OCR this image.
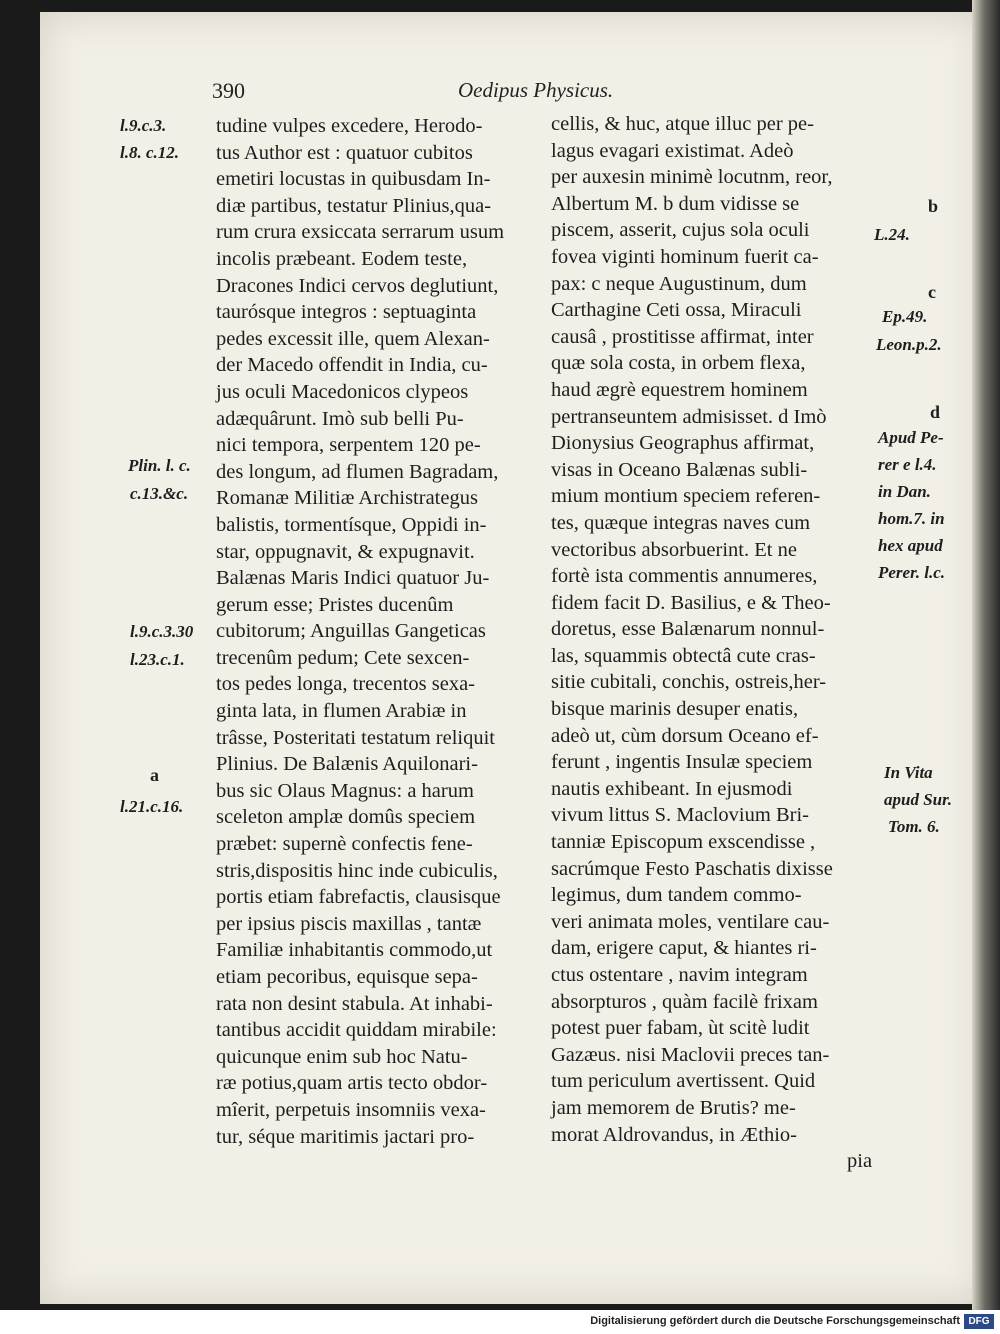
390	Oedipus Physicus.
tudine vulpes excedere, Herodo-
tus Author est : quatuor cubitos
emetiri locustas in quibusdam In-
diæ partibus, testatur Plinius,qua-
rum crura exsiccata serrarum usum
incolis præbeant. Eodem teste,
Dracones Indici cervos deglutiunt,
taurósque integros : septuaginta
pedes excessit ille, quem Alexan-
der Macedo offendit in India, cu-
jus oculi Macedonicos clypeos
adæquârunt. Imò sub belli Pu-
nici tempora, serpentem 120 pe-
des longum, ad flumen Bagradam,
Romanæ Militiæ Archistrategus
balistis, tormentísque, Oppidi in-
star, oppugnavit, & expugnavit.
Balænas Maris Indici quatuor Ju-
gerum esse; Pristes ducenûm
cubitorum; Anguillas Gangeticas
trecenûm pedum; Cete sexcen-
tos pedes longa, trecentos sexa-
ginta lata, in flumen Arabiæ in
trâsse, Posteritati testatum reliquit
Plinius. De Balænis Aquilonari-
bus sic Olaus Magnus: a harum
sceleton amplæ domûs speciem
præbet: supernè confectis fene-
stris,dispositis hinc inde cubiculis,
portis etiam fabrefactis, clausisque
per ipsius piscis maxillas , tantæ
Familiæ inhabitantis commodo,ut
etiam pecoribus, equisque sepa-
rata non desint stabula. At inhabi-
tantibus accidit quiddam mirabile:
quicunque enim sub hoc Natu-
ræ potius,quam artis tecto obdor-
mîerit, perpetuis insomniis vexa-
tur, séque maritimis jactari pro-
cellis, & huc, atque illuc per pe-
lagus evagari existimat. Adeò
per auxesin minimè locutnm, reor,
Albertum M. b dum vidisse se
piscem, asserit, cujus sola oculi
fovea viginti hominum fuerit ca-
pax: c neque Augustinum, dum
Carthagine Ceti ossa, Miraculi
causâ , prostitisse affirmat, inter
quæ sola costa, in orbem flexa,
haud ægrè equestrem hominem
pertranseuntem admisisset. d Imò
Dionysius Geographus affirmat,
visas in Oceano Balænas subli-
mium montium speciem referen-
tes, quæque integras naves cum
vectoribus absorbuerint. Et ne
fortè ista commentis annumeres,
fidem facit D. Basilius, e & Theo-
doretus, esse Balænarum nonnul-
las, squammis obtectâ cute cras-
sitie cubitali, conchis, ostreis,her-
bisque marinis desuper enatis,
adeò ut, cùm dorsum Oceano ef-
ferunt , ingentis Insulæ speciem
nautis exhibeant. In ejusmodi
vivum littus S. Maclovium Bri-
tanniæ Episcopum exscendisse ,
sacrúmque Festo Paschatis dixisse
legimus, dum tandem commo-
veri animata moles, ventilare cau-
dam, erigere caput, & hiantes ri-
ctus ostentare , navim integram
absorpturos , quàm facilè frixam
potest puer fabam, ùt scitè ludit
Gazæus. nisi Maclovii preces tan-
tum periculum avertissent. Quid
jam memorem de Brutis? me-
morat Aldrovandus, in Æthio-
pia
l.9.c.3.
l.8. c.12.
Plin. l. c.
c.13.&c.
l.9.c.3.30
l.23.c.1.
a
l.21.c.16.
b
L.24.
c
Ep.49.
Leon.p.2.
d
Apud Pe-
rer e l.4.
in Dan.
hom.7. in
hex apud
Perer. l.c.
In Vita
apud Sur.
Tom. 6.
Digitalisierung gefördert durch die Deutsche Forschungsgemeinschaft DFG
